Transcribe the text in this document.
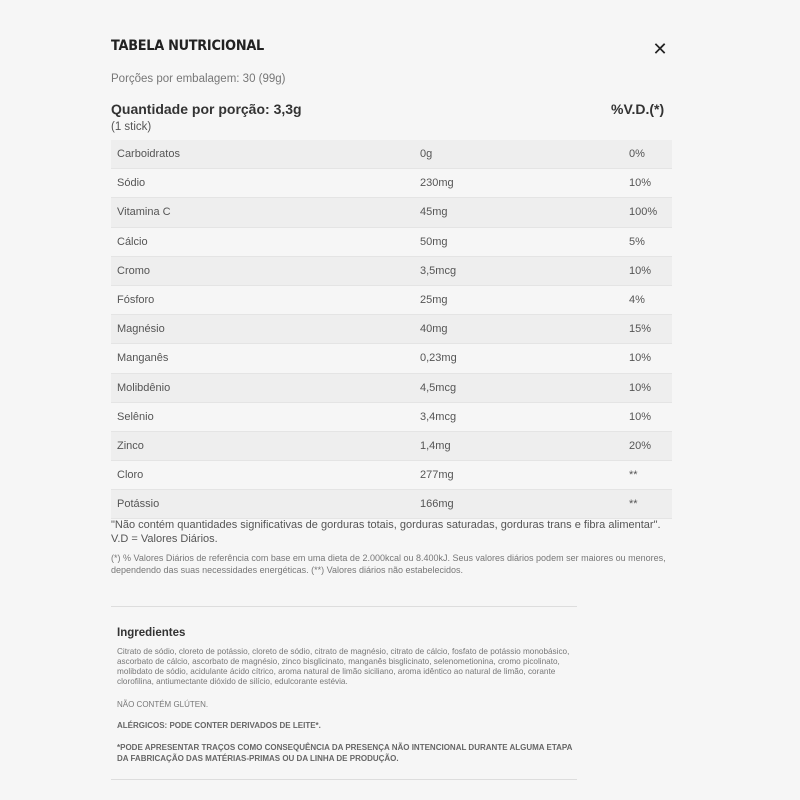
TABELA NUTRICIONAL	✕
Porções por embalagem: 30 (99g)
Quantidade por porção: 3,3g	%V.D.(*)
(1 stick)
Carboidratos	0g	0%
Sódio	230mg	10%
Vitamina C	45mg	100%
Cálcio	50mg	5%
Cromo	3,5mcg	10%
Fósforo	25mg	4%
Magnésio	40mg	15%
Manganês	0,23mg	10%
Molibdênio	4,5mcg	10%
Selênio	3,4mcg	10%
Zinco	1,4mg	20%
Cloro	277mg	**
Potássio	166mg	**
"Não contém quantidades significativas de gorduras totais, gorduras saturadas, gorduras trans e fibra alimentar".
V.D = Valores Diários.
(*) % Valores Diários de referência com base em uma dieta de 2.000kcal ou 8.400kJ. Seus valores diários podem ser maiores ou menores, dependendo das suas necessidades energéticas. (**) Valores diários não estabelecidos.
Ingredientes
Citrato de sódio, cloreto de potássio, cloreto de sódio, citrato de magnésio, citrato de cálcio, fosfato de potássio monobásico, ascorbato de cálcio, ascorbato de magnésio, zinco bisglicinato, manganês bisglicinato, selenometionina, cromo picolinato, molibdato de sódio, acidulante ácido cítrico, aroma natural de limão siciliano, aroma idêntico ao natural de limão, corante clorofilina, antiumectante dióxido de silício, edulcorante estévia.
NÃO CONTÉM GLÚTEN.
ALÉRGICOS: PODE CONTER DERIVADOS DE LEITE*.
*PODE APRESENTAR TRAÇOS COMO CONSEQUÊNCIA DA PRESENÇA NÃO INTENCIONAL DURANTE ALGUMA ETAPA DA FABRICAÇÃO DAS MATÉRIAS-PRIMAS OU DA LINHA DE PRODUÇÃO.
